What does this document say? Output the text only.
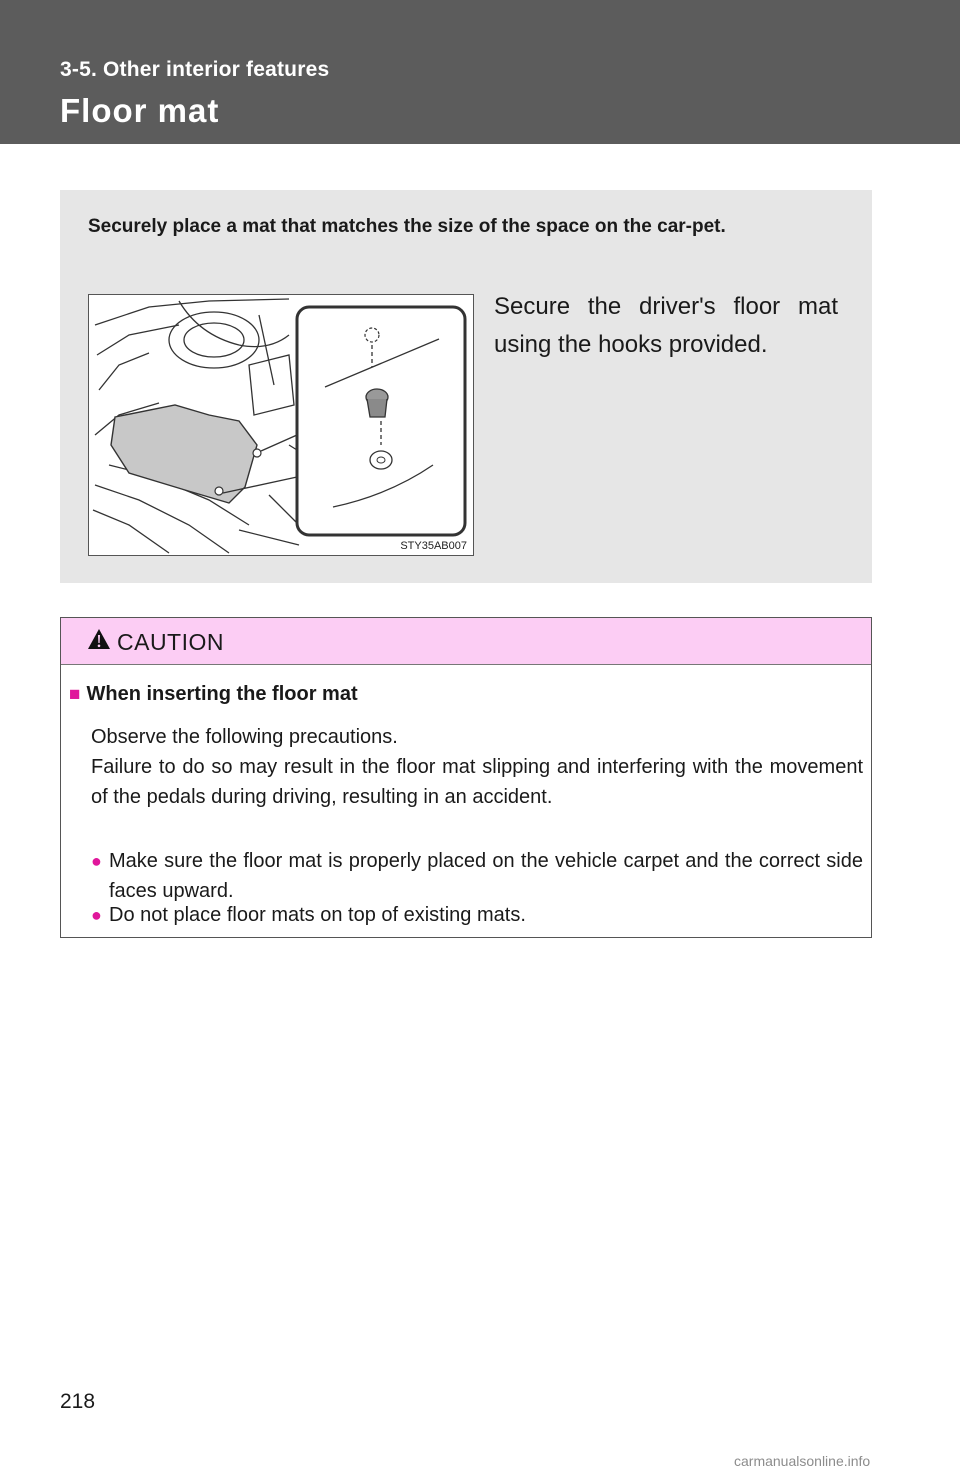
3-5. Other interior features
Floor mat
Securely place a mat that matches the size of the space on the car-pet.
STY35AB007
Secure the driver's floor mat using the hooks provided.
CAUTION
■ When inserting the floor mat
Observe the following precautions.
Failure to do so may result in the floor mat slipping and interfering with the movement of the pedals during driving, resulting in an accident.
● Make sure the floor mat is properly placed on the vehicle carpet and the correct side faces upward.
● Do not place floor mats on top of existing mats.
218
carmanualsonline.info
